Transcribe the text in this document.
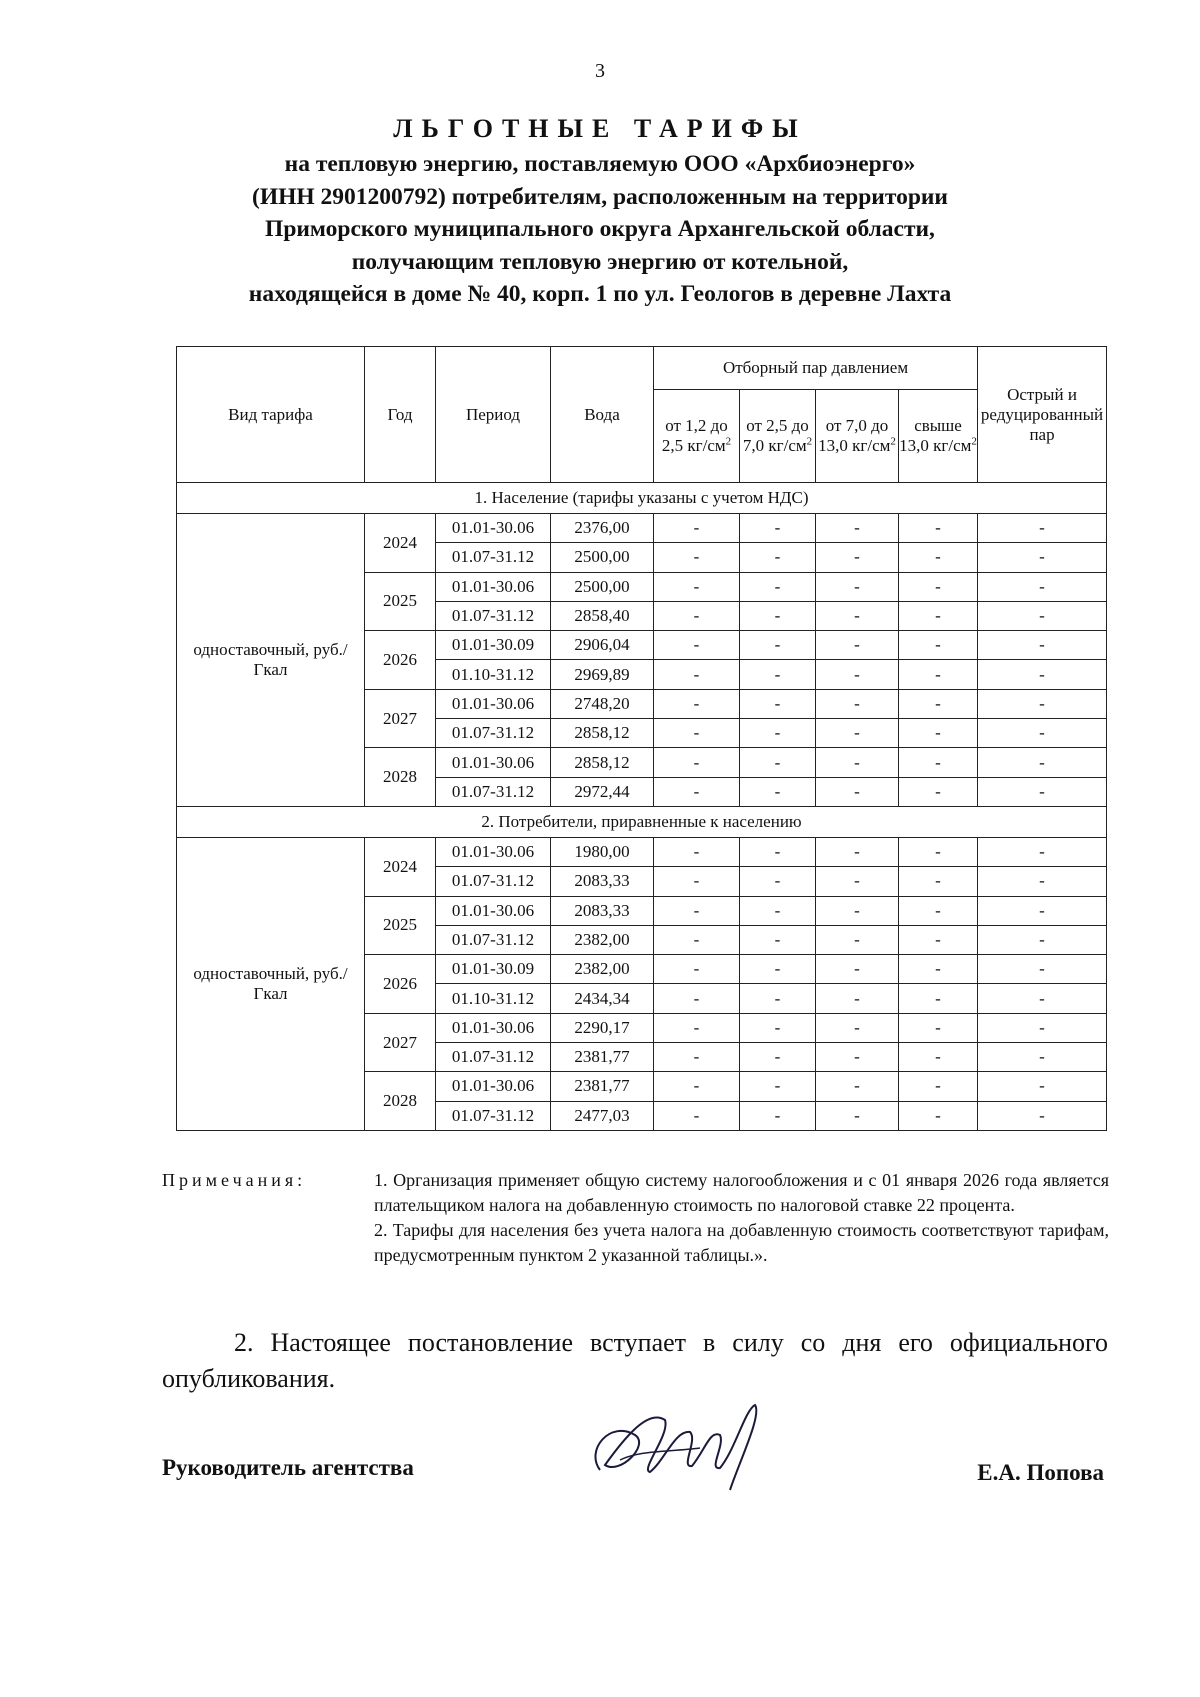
3
ЛЬГОТНЫЕ ТАРИФЫ
на тепловую энергию, поставляемую ООО «Архбиоэнерго»
(ИНН 2901200792) потребителям, расположенным на территории
Приморского муниципального округа Архангельской области,
получающим тепловую энергию от котельной,
находящейся в доме № 40, корп. 1 по ул. Геологов в деревне Лахта
Вид тарифа	Год	Период	Вода	Отборный пар давлением				Острый и редуцированный пар
				от 1,2 до 2,5 $кг/см^2$	от 2,5 до 7,0 $кг/см^2$	от 7,0 до 13,0 $кг/см^2$	свыше 13,0 $кг/см^2$
1. Население (тарифы указаны с учетом НДС)								
одноставочный, руб./Гкал	2024	01.01-30.06	2376,00	-	-	-	-	-
		01.07-31.12	2500,00	-	-	-	-	-
	2025	01.01-30.06	2500,00	-	-	-	-	-
		01.07-31.12	2858,40	-	-	-	-	-
	2026	01.01-30.09	2906,04	-	-	-	-	-
		01.10-31.12	2969,89	-	-	-	-	-
	2027	01.01-30.06	2748,20	-	-	-	-	-
		01.07-31.12	2858,12	-	-	-	-	-
	2028	01.01-30.06	2858,12	-	-	-	-	-
		01.07-31.12	2972,44	-	-	-	-	-
2. Потребители, приравненные к населению								
одноставочный, руб./Гкал	2024	01.01-30.06	1980,00	-	-	-	-	-
		01.07-31.12	2083,33	-	-	-	-	-
	2025	01.01-30.06	2083,33	-	-	-	-	-
		01.07-31.12	2382,00	-	-	-	-	-
	2026	01.01-30.09	2382,00	-	-	-	-	-
		01.10-31.12	2434,34	-	-	-	-	-
	2027	01.01-30.06	2290,17	-	-	-	-	-
		01.07-31.12	2381,77	-	-	-	-	-
	2028	01.01-30.06	2381,77	-	-	-	-	-
		01.07-31.12	2477,03	-	-	-	-	-
Примечания:	1. Организация применяет общую систему налогообложения и с 01 января 2026 года является плательщиком налога на добавленную стоимость по налоговой ставке 22 процента.

2. Тарифы для населения без учета налога на добавленную стоимость соответствуют тарифам, предусмотренным пунктом 2 указанной таблицы.».

2. Настоящее постановление вступает в силу со дня его официального опубликования.
Руководитель агентства	Е.А. Попова
